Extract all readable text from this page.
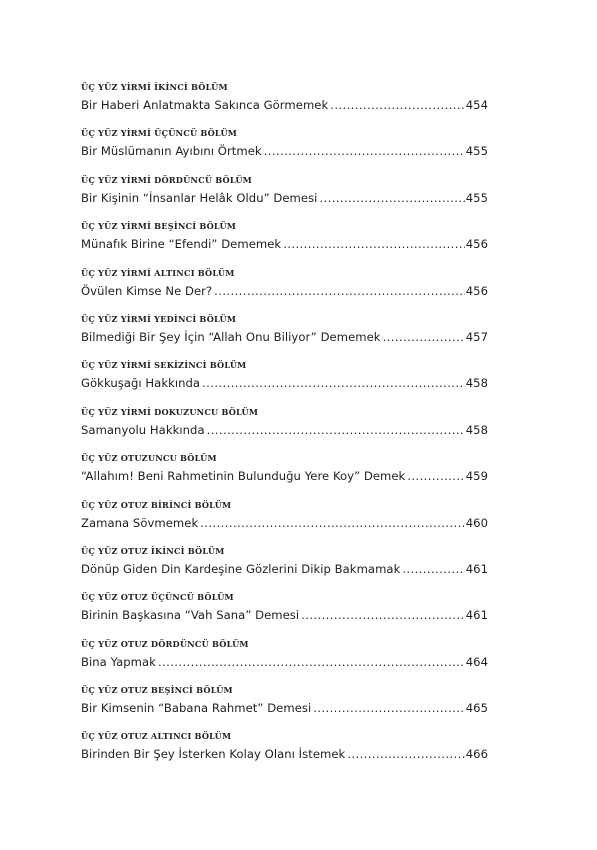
ÜÇ YÜZ YİRMİ İKİNCİ BÖLÜM
Bir Haberi Anlatmakta Sakınca Görmemek .....	454
ÜÇ YÜZ YİRMİ ÜÇÜNCÜ BÖLÜM
Bir Müslümanın Ayıbını Örtmek .....	455
ÜÇ YÜZ YİRMİ DÖRDÜNCÜ BÖLÜM
Bir Kişinin “İnsanlar Helâk Oldu” Demesi .....	455
ÜÇ YÜZ YİRMİ BEŞİNCİ BÖLÜM
Münafık Birine “Efendi” Dememek .....	456
ÜÇ YÜZ YİRMİ ALTINCI BÖLÜM
Övülen Kimse Ne Der? .....	456
ÜÇ YÜZ YİRMİ YEDİNCİ BÖLÜM
Bilmediği Bir Şey İçin “Allah Onu Biliyor” Dememek .....	457
ÜÇ YÜZ YİRMİ SEKİZİNCİ BÖLÜM
Gökkuşağı Hakkında .....	458
ÜÇ YÜZ YİRMİ DOKUZUNCU BÖLÜM
Samanyolu Hakkında .....	458
ÜÇ YÜZ OTUZUNCU BÖLÜM
“Allahım! Beni Rahmetinin Bulunduğu Yere Koy” Demek .....	459
ÜÇ YÜZ OTUZ BİRİNCİ BÖLÜM
Zamana Sövmemek .....	460
ÜÇ YÜZ OTUZ İKİNCİ BÖLÜM
Dönüp Giden Din Kardeşine Gözlerini Dikip Bakmamak .....	461
ÜÇ YÜZ OTUZ ÜÇÜNCÜ BÖLÜM
Birinin Başkasına “Vah Sana” Demesi .....	461
ÜÇ YÜZ OTUZ DÖRDÜNCÜ BÖLÜM
Bina Yapmak .....	464
ÜÇ YÜZ OTUZ BEŞİNCİ BÖLÜM
Bir Kimsenin “Babana Rahmet” Demesi .....	465
ÜÇ YÜZ OTUZ ALTINCI BÖLÜM
Birinden Bir Şey İsterken Kolay Olanı İstemek .....	466
